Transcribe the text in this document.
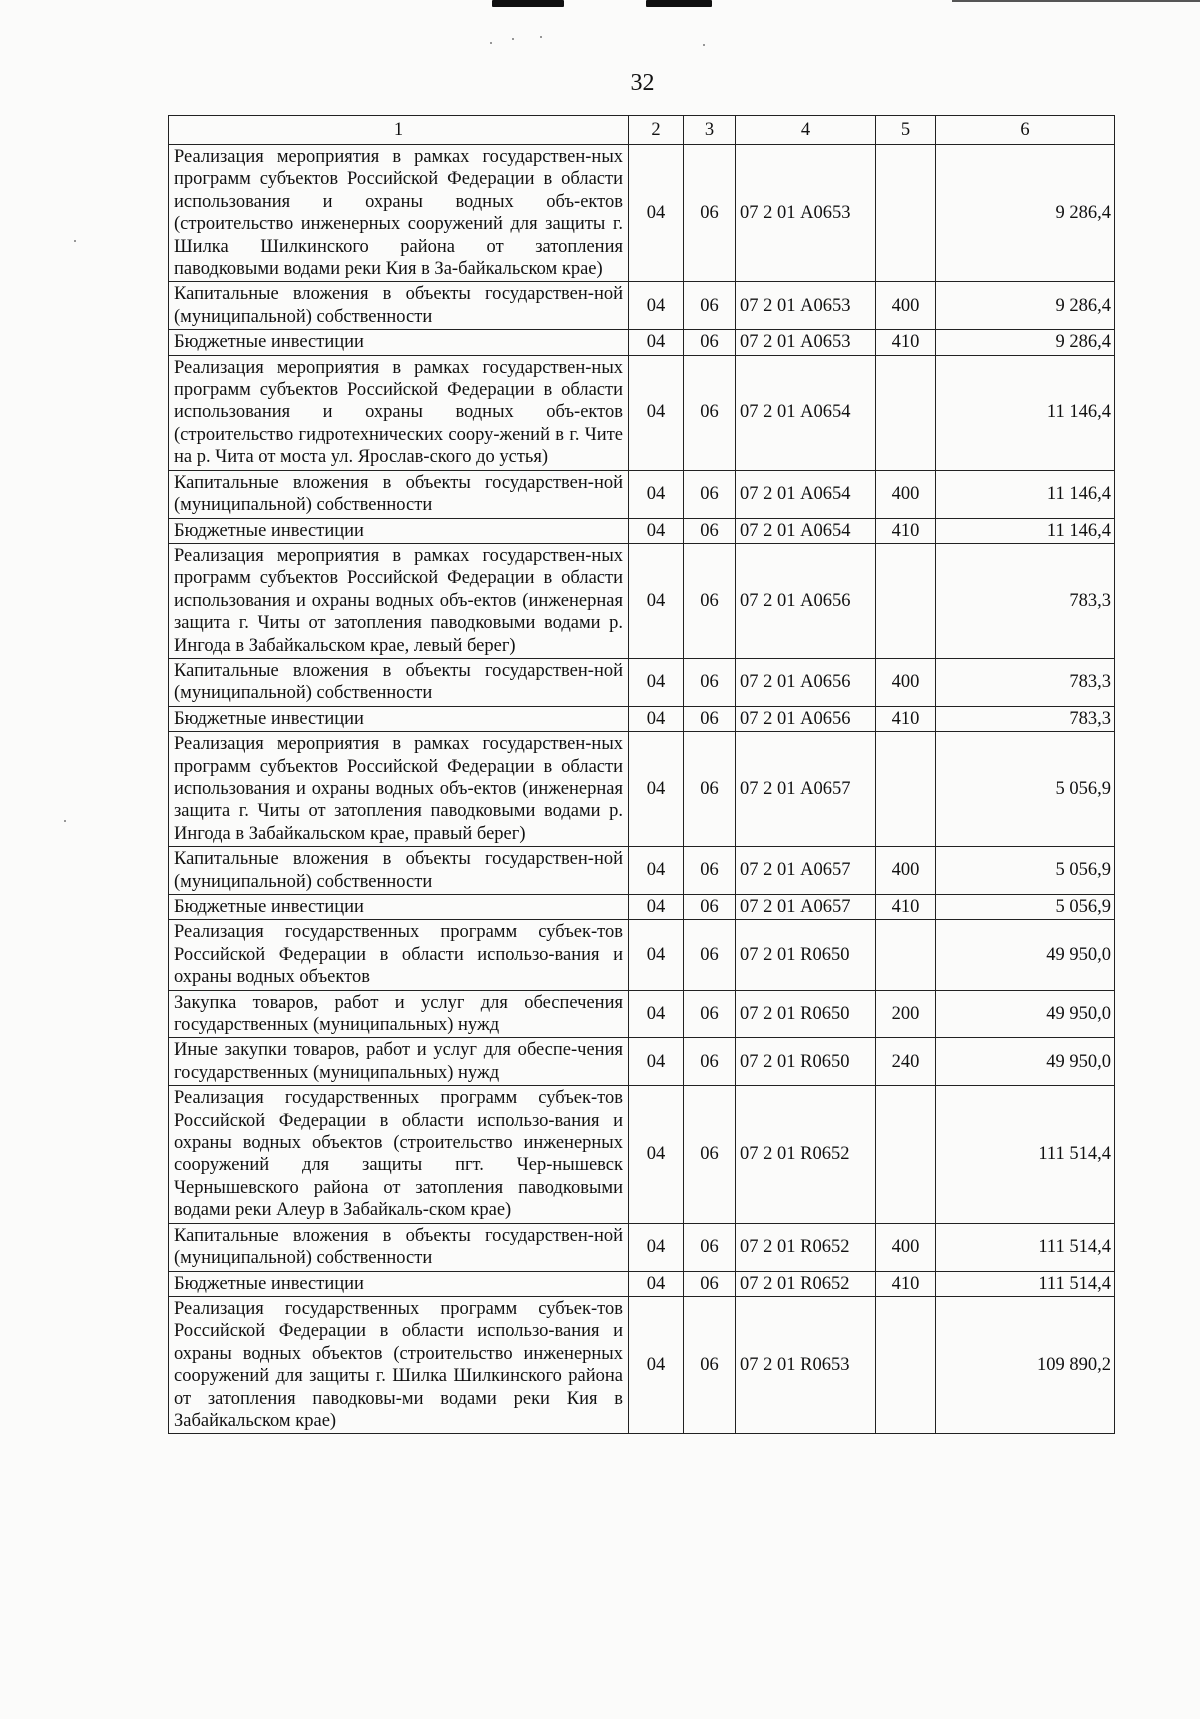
32
1	2	3	4	5	6
Реализация мероприятия в рамках государствен-ных программ субъектов Российской Федерации в области использования и охраны водных объ-ектов (строительство инженерных сооружений для защиты г. Шилка Шилкинского района от затопления паводковыми водами реки Кия в За-байкальском крае)	04	06	07 2 01 А0653		9 286,4
Капитальные вложения в объекты государствен-ной (муниципальной) собственности	04	06	07 2 01 А0653	400	9 286,4
Бюджетные инвестиции	04	06	07 2 01 А0653	410	9 286,4
Реализация мероприятия в рамках государствен-ных программ субъектов Российской Федерации в области использования и охраны водных объ-ектов (строительство гидротехнических соору-жений в г. Чите на р. Чита от моста ул. Ярослав-ского до устья)	04	06	07 2 01 А0654		11 146,4
Капитальные вложения в объекты государствен-ной (муниципальной) собственности	04	06	07 2 01 А0654	400	11 146,4
Бюджетные инвестиции	04	06	07 2 01 А0654	410	11 146,4
Реализация мероприятия в рамках государствен-ных программ субъектов Российской Федерации в области использования и охраны водных объ-ектов (инженерная защита г. Читы от затопления паводковыми водами р. Ингода в Забайкальском крае, левый берег)	04	06	07 2 01 А0656		783,3
Капитальные вложения в объекты государствен-ной (муниципальной) собственности	04	06	07 2 01 А0656	400	783,3
Бюджетные инвестиции	04	06	07 2 01 А0656	410	783,3
Реализация мероприятия в рамках государствен-ных программ субъектов Российской Федерации в области использования и охраны водных объ-ектов (инженерная защита г. Читы от затопления паводковыми водами р. Ингода в Забайкальском крае, правый берег)	04	06	07 2 01 А0657		5 056,9
Капитальные вложения в объекты государствен-ной (муниципальной) собственности	04	06	07 2 01 А0657	400	5 056,9
Бюджетные инвестиции	04	06	07 2 01 А0657	410	5 056,9
Реализация государственных программ субъек-тов Российской Федерации в области использо-вания и охраны водных объектов	04	06	07 2 01 R0650		49 950,0
Закупка товаров, работ и услуг для обеспечения государственных (муниципальных) нужд	04	06	07 2 01 R0650	200	49 950,0
Иные закупки товаров, работ и услуг для обеспе-чения государственных (муниципальных) нужд	04	06	07 2 01 R0650	240	49 950,0
Реализация государственных программ субъек-тов Российской Федерации в области использо-вания и охраны водных объектов (строительство инженерных сооружений для защиты пгт. Чер-нышевск Чернышевского района от затопления паводковыми водами реки Алеур в Забайкаль-ском крае)	04	06	07 2 01 R0652		111 514,4
Капитальные вложения в объекты государствен-ной (муниципальной) собственности	04	06	07 2 01 R0652	400	111 514,4
Бюджетные инвестиции	04	06	07 2 01 R0652	410	111 514,4
Реализация государственных программ субъек-тов Российской Федерации в области использо-вания и охраны водных объектов (строительство инженерных сооружений для защиты г. Шилка Шилкинского района от затопления паводковы-ми водами реки Кия в Забайкальском крае)	04	06	07 2 01 R0653		109 890,2
